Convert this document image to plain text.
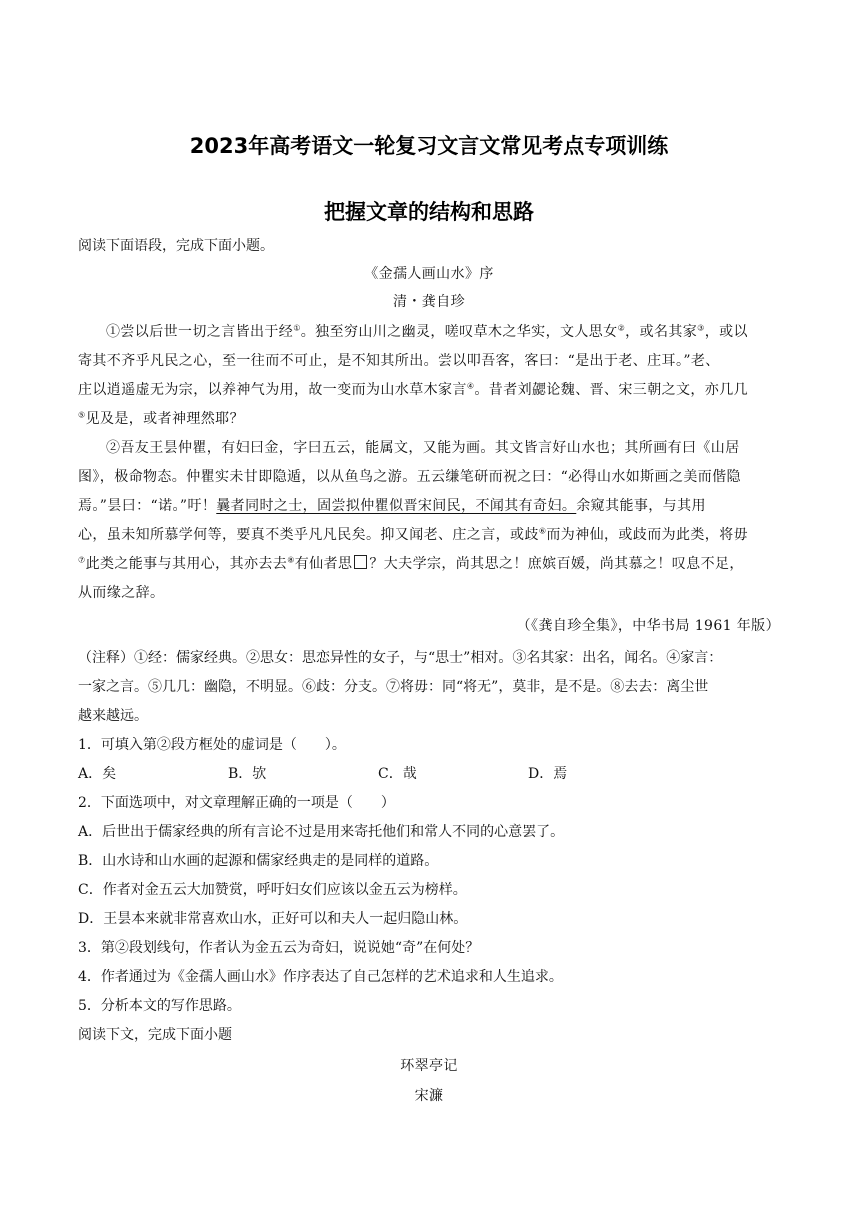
2023年高考语文一轮复习文言文常见考点专项训练
把握文章的结构和思路
阅读下面语段，完成下面小题。
《金孺人画山水》序
清・龚自珍
①尝以后世一切之言皆出于经①。独至穷山川之幽灵，嗟叹草木之华实，文人思女②，或名其家③，或以
寄其不齐乎凡民之心，至一往而不可止，是不知其所出。尝以叩吾客，客曰：“是出于老、庄耳。”老、
庄以逍遥虚无为宗，以养神气为用，故一变而为山水草木家言④。昔者刘勰论魏、晋、宋三朝之文，亦几几
⑤见及是，或者神理然耶？
②吾友王昙仲瞿，有妇曰金，字曰五云，能属文，又能为画。其文皆言好山水也；其所画有曰《山居
图》，极命物态。仲瞿实未甘即隐遁，以从鱼鸟之游。五云缣笔研而祝之曰：“必得山水如斯画之美而偕隐
焉。”昙曰：“诺。”吁！曩者同时之士，固尝拟仲瞿似晋宋间民，不闻其有奇妇。余窥其能事，与其用
心，虽未知所慕学何等，要真不类乎凡凡民矣。抑又闻老、庄之言，或歧⑥而为神仙，或歧而为此类，将毋
⑦此类之能事与其用心，其亦去去⑧有仙者思 ？大夫学宗，尚其思之！庶嫔百媛，尚其慕之！叹息不足，
从而缘之辞。
（《龚自珍全集》，中华书局 1961 年版）
（注释）①经：儒家经典。②思女：思恋异性的女子，与“思士”相对。③名其家：出名，闻名。④家言：
一家之言。⑤几几：幽隐，不明显。⑥歧：分支。⑦将毋：同“将无”，莫非，是不是。⑧去去：离尘世
越来越远。
1．可填入第②段方框处的虚词是（　　）。
A．矣	B．欤	C．哉	D．焉
2．下面选项中，对文章理解正确的一项是（　　）
A．后世出于儒家经典的所有言论不过是用来寄托他们和常人不同的心意罢了。
B．山水诗和山水画的起源和儒家经典走的是同样的道路。
C．作者对金五云大加赞赏，呼吁妇女们应该以金五云为榜样。
D．王昙本来就非常喜欢山水，正好可以和夫人一起归隐山林。
3．第②段划线句，作者认为金五云为奇妇，说说她“奇”在何处？
4．作者通过为《金孺人画山水》作序表达了自己怎样的艺术追求和人生追求。
5．分析本文的写作思路。
阅读下文，完成下面小题
环翠亭记
宋濂
